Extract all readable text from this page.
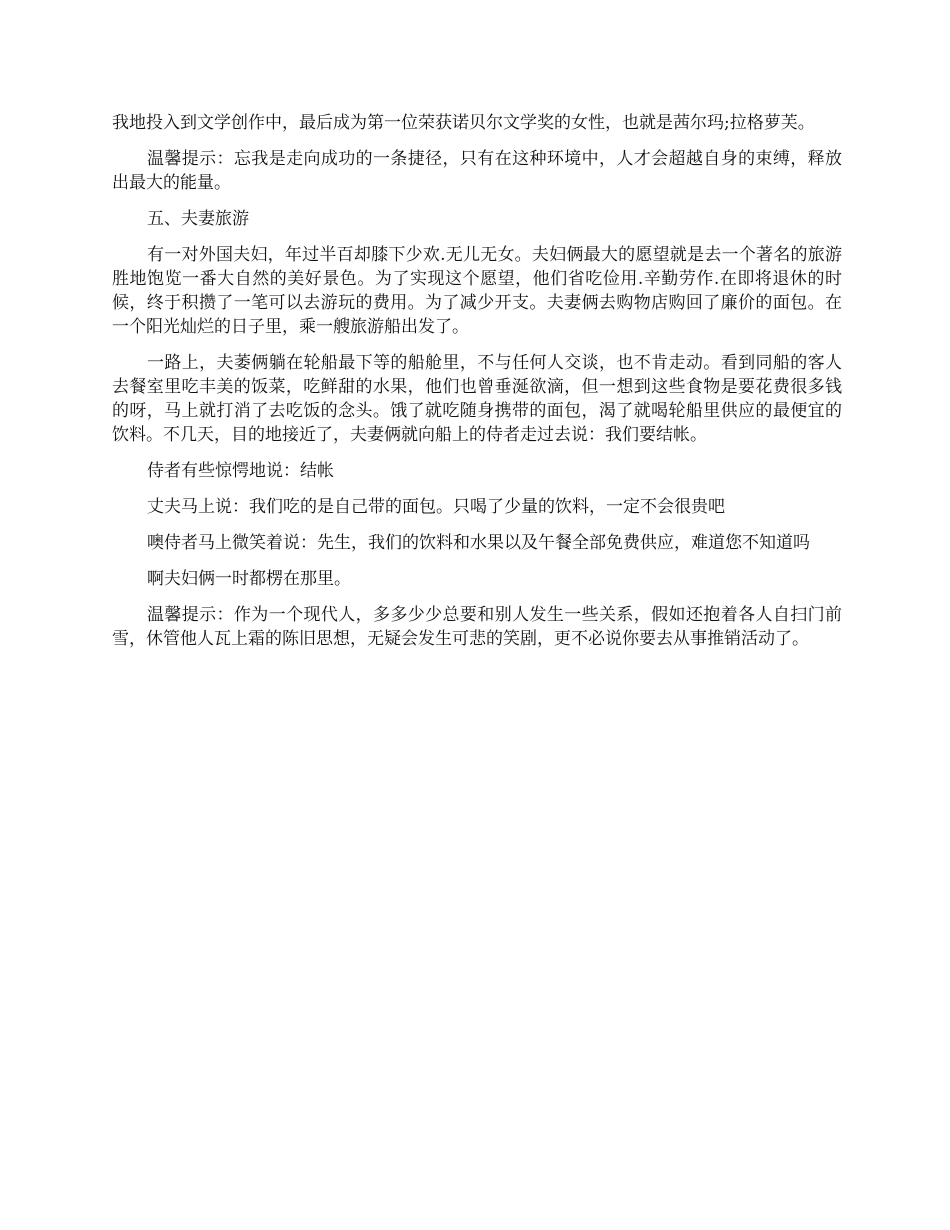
我地投入到文学创作中，最后成为第一位荣获诺贝尔文学奖的女性，也就是茜尔玛;拉格萝芙。

温馨提示：忘我是走向成功的一条捷径，只有在这种环境中，人才会超越自身的束缚，释放出最大的能量。

五、夫妻旅游

有一对外国夫妇，年过半百却膝下少欢.无儿无女。夫妇俩最大的愿望就是去一个著名的旅游胜地饱览一番大自然的美好景色。为了实现这个愿望，他们省吃俭用.辛勤劳作.在即将退休的时候，终于积攒了一笔可以去游玩的费用。为了减少开支。夫妻俩去购物店购回了廉价的面包。在一个阳光灿烂的日子里，乘一艘旅游船出发了。

一路上，夫萎俩躺在轮船最下等的船舱里，不与任何人交谈，也不肯走动。看到同船的客人去餐室里吃丰美的饭菜，吃鲜甜的水果，他们也曾垂涎欲滴，但一想到这些食物是要花费很多钱的呀，马上就打消了去吃饭的念头。饿了就吃随身携带的面包，渴了就喝轮船里供应的最便宜的饮料。不几天，目的地接近了，夫妻俩就向船上的侍者走过去说：我们要结帐。

侍者有些惊愕地说：结帐

丈夫马上说：我们吃的是自己带的面包。只喝了少量的饮料，一定不会很贵吧

噢侍者马上微笑着说：先生，我们的饮料和水果以及午餐全部免费供应，难道您不知道吗

啊夫妇俩一时都楞在那里。

温馨提示：作为一个现代人，多多少少总要和别人发生一些关系，假如还抱着各人自扫门前雪，休管他人瓦上霜的陈旧思想，无疑会发生可悲的笑剧，更不必说你要去从事推销活动了。
